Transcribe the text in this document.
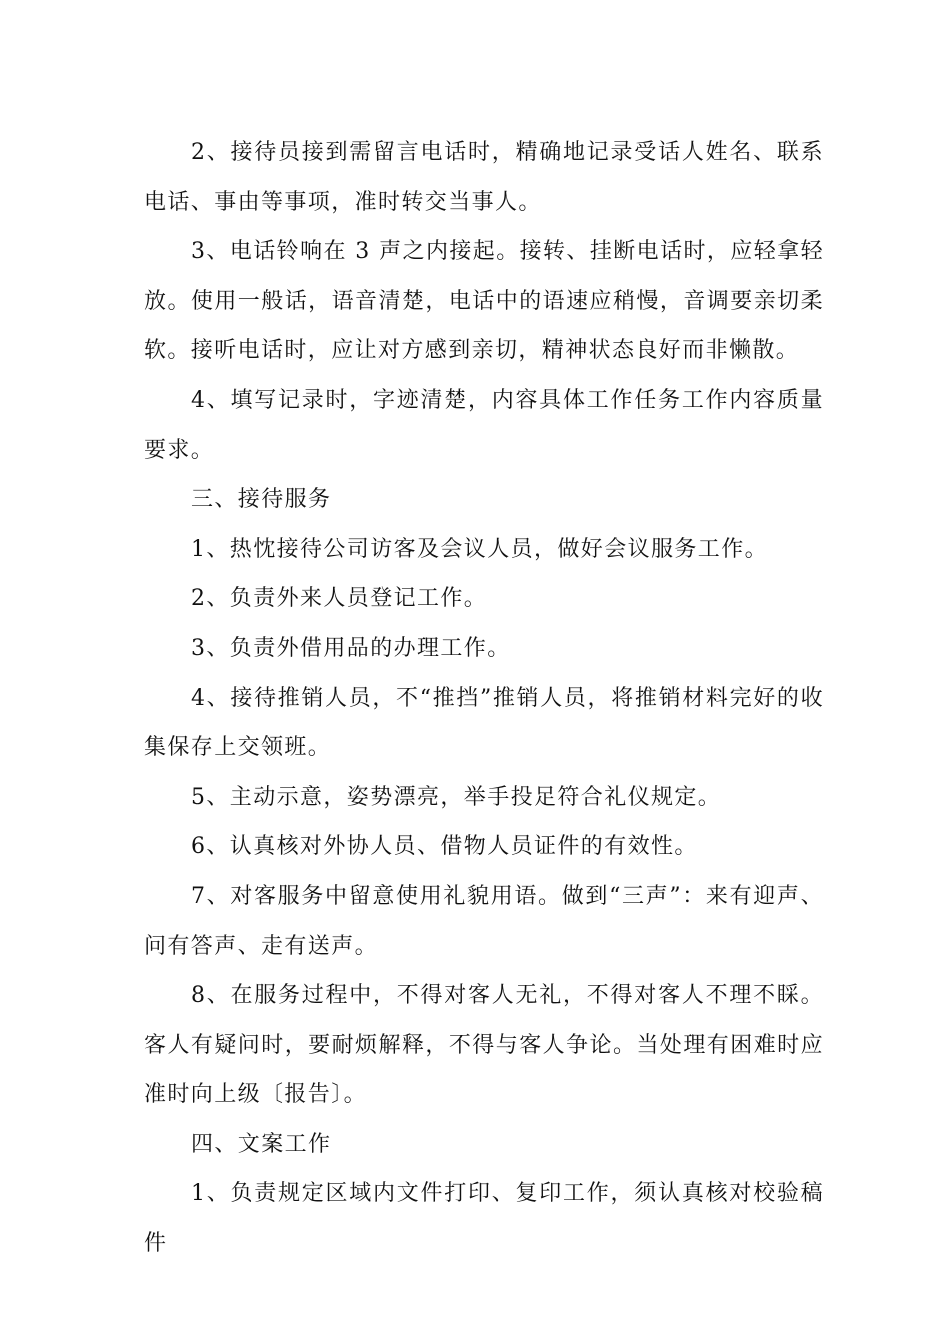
2、接待员接到需留言电话时，精确地记录受话人姓名、联系电话、事由等事项，准时转交当事人。

3、电话铃响在 3 声之内接起。接转、挂断电话时，应轻拿轻放。使用一般话，语音清楚，电话中的语速应稍慢，音调要亲切柔软。接听电话时，应让对方感到亲切，精神状态良好而非懒散。

4、填写记录时，字迹清楚，内容具体工作任务工作内容质量要求。

三、接待服务

1、热忱接待公司访客及会议人员，做好会议服务工作。

2、负责外来人员登记工作。

3、负责外借用品的办理工作。

4、接待推销人员，不“推挡”推销人员，将推销材料完好的收集保存上交领班。

5、主动示意，姿势漂亮，举手投足符合礼仪规定。

6、认真核对外协人员、借物人员证件的有效性。

7、对客服务中留意使用礼貌用语。做到“三声”：来有迎声、问有答声、走有送声。

8、在服务过程中，不得对客人无礼，不得对客人不理不睬。客人有疑问时，要耐烦解释，不得与客人争论。当处理有困难时应准时向上级〔报告〕。

四、文案工作

1、负责规定区域内文件打印、复印工作，须认真核对校验稿件
